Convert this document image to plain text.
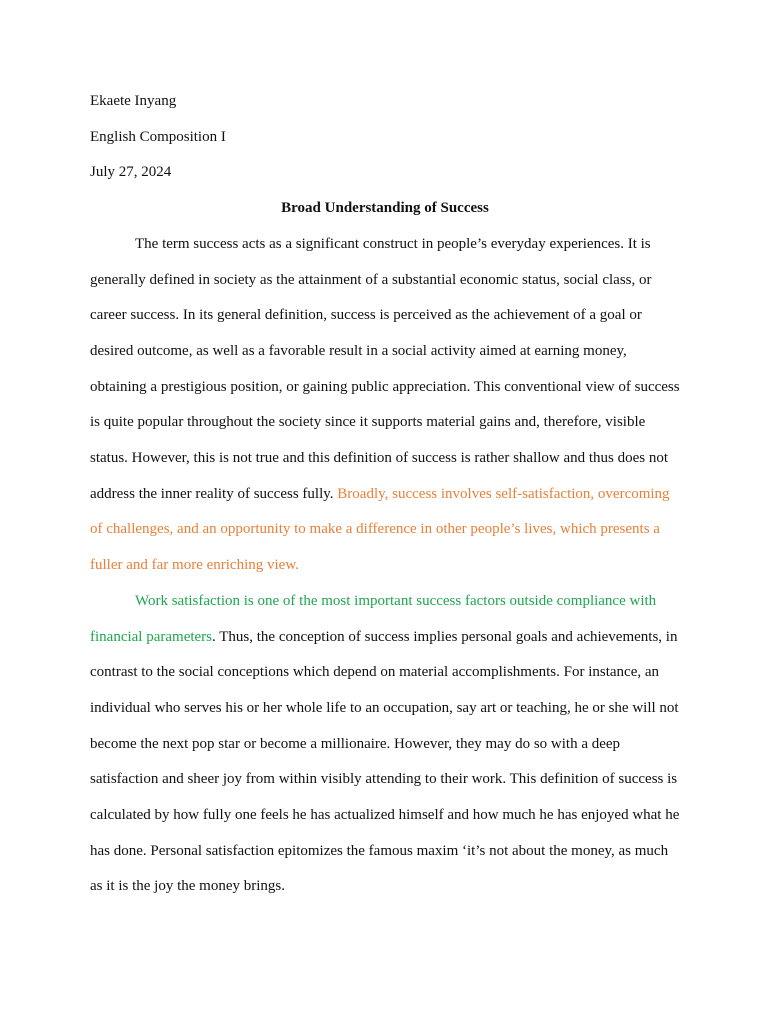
Ekaete Inyang

English Composition I

July 27, 2024

Broad Understanding of Success

The term success acts as a significant construct in people’s everyday experiences. It is generally defined in society as the attainment of a substantial economic status, social class, or career success. In its general definition, success is perceived as the achievement of a goal or desired outcome, as well as a favorable result in a social activity aimed at earning money, obtaining a prestigious position, or gaining public appreciation. This conventional view of success is quite popular throughout the society since it supports material gains and, therefore, visible status. However, this is not true and this definition of success is rather shallow and thus does not address the inner reality of success fully. Broadly, success involves self-satisfaction, overcoming of challenges, and an opportunity to make a difference in other people’s lives, which presents a fuller and far more enriching view.

Work satisfaction is one of the most important success factors outside compliance with financial parameters. Thus, the conception of success implies personal goals and achievements, in contrast to the social conceptions which depend on material accomplishments. For instance, an individual who serves his or her whole life to an occupation, say art or teaching, he or she will not become the next pop star or become a millionaire. However, they may do so with a deep satisfaction and sheer joy from within visibly attending to their work. This definition of success is calculated by how fully one feels he has actualized himself and how much he has enjoyed what he has done. Personal satisfaction epitomizes the famous maxim ‘it’s not about the money, as much as it is the joy the money brings.
